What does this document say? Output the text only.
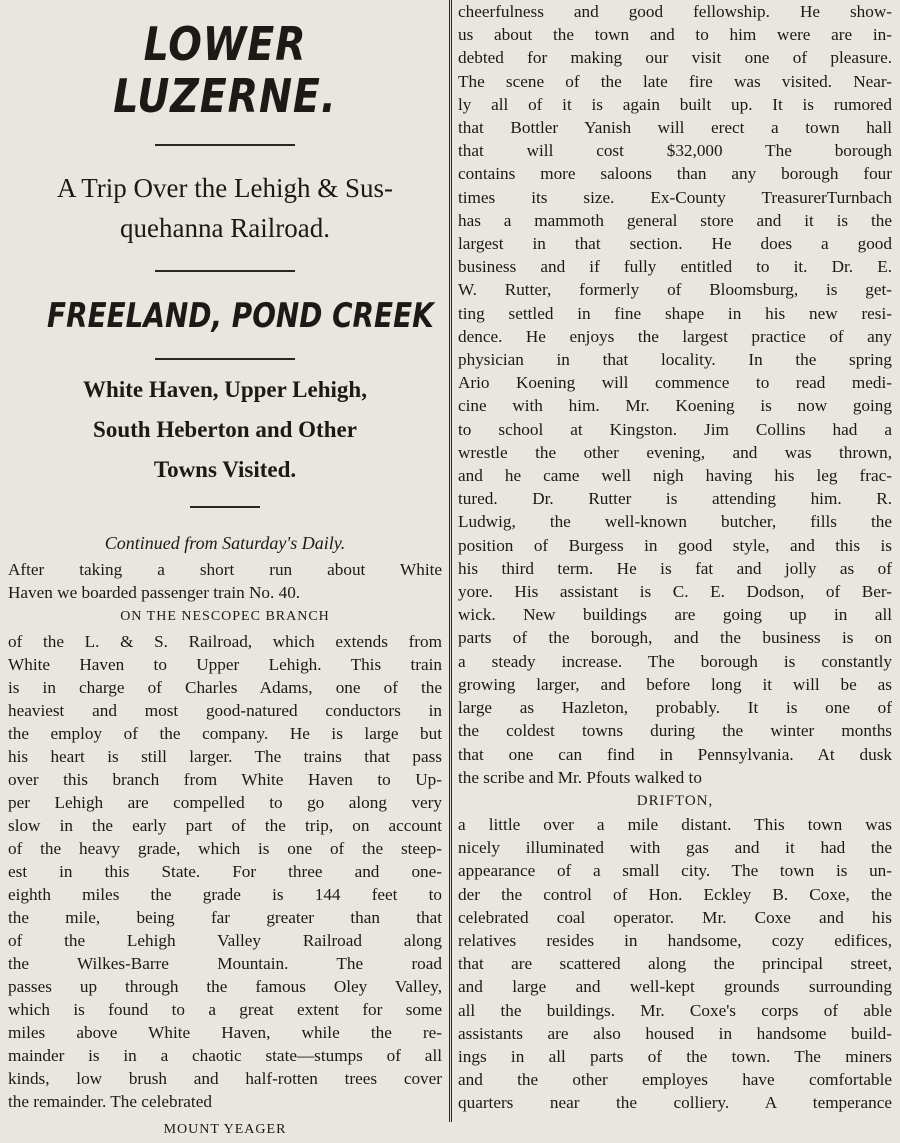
LOWER LUZERNE.
A Trip Over the Lehigh & Sus-
quehanna Railroad.
FREELAND, POND CREEK
White Haven, Upper Lehigh,
South Heberton and Other
Towns Visited.

Continued from Saturday's Daily.

After taking a short run about White
Haven we boarded passenger train No. 40.

ON THE NESCOPEC BRANCH

of the L. & S. Railroad, which extends from
White Haven to Upper Lehigh. This train
is in charge of Charles Adams, one of the
heaviest and most good-natured conductors in
the employ of the company. He is large but
his heart is still larger. The trains that pass
over this branch from White Haven to Up-
per Lehigh are compelled to go along very
slow in the early part of the trip, on account
of the heavy grade, which is one of the steep-
est in this State. For three and one-
eighth miles the grade is 144 feet to
the mile, being far greater than that
of the Lehigh Valley Railroad along
the Wilkes-Barre Mountain. The road
passes up through the famous Oley Valley,
which is found to a great extent for some
miles above White Haven, while the re-
mainder is in a chaotic state—stumps of all
kinds, low brush and half-rotten trees cover
the remainder. The celebrated

MOUNT YEAGER

cheerfulness and good fellowship. He show-
us about the town and to him were are in-
debted for making our visit one of pleasure.
The scene of the late fire was visited. Near-
ly all of it is again built up. It is rumored
that Bottler Yanish will erect a town hall
that will cost $32,000 The borough
contains more saloons than any borough four
times its size. Ex-County TreasurerTurnbach
has a mammoth general store and it is the
largest in that section. He does a good
business and if fully entitled to it. Dr. E.
W. Rutter, formerly of Bloomsburg, is get-
ting settled in fine shape in his new resi-
dence. He enjoys the largest practice of any
physician in that locality. In the spring
Ario Koening will commence to read medi-
cine with him. Mr. Koening is now going
to school at Kingston. Jim Collins had a
wrestle the other evening, and was thrown,
and he came well nigh having his leg frac-
tured. Dr. Rutter is attending him. R.
Ludwig, the well-known butcher, fills the
position of Burgess in good style, and this is
his third term. He is fat and jolly as of
yore. His assistant is C. E. Dodson, of Ber-
wick. New buildings are going up in all
parts of the borough, and the business is on
a steady increase. The borough is constantly
growing larger, and before long it will be as
large as Hazleton, probably. It is one of
the coldest towns during the winter months
that one can find in Pennsylvania. At dusk
the scribe and Mr. Pfouts walked to

DRIFTON,

a little over a mile distant. This town was
nicely illuminated with gas and it had the
appearance of a small city. The town is un-
der the control of Hon. Eckley B. Coxe, the
celebrated coal operator. Mr. Coxe and his
relatives resides in handsome, cozy edifices,
that are scattered along the principal street,
and large and well-kept grounds surrounding
all the buildings. Mr. Coxe's corps of able
assistants are also housed in handsome build-
ings in all parts of the town. The miners
and the other employes have comfortable
quarters near the colliery. A temperance
